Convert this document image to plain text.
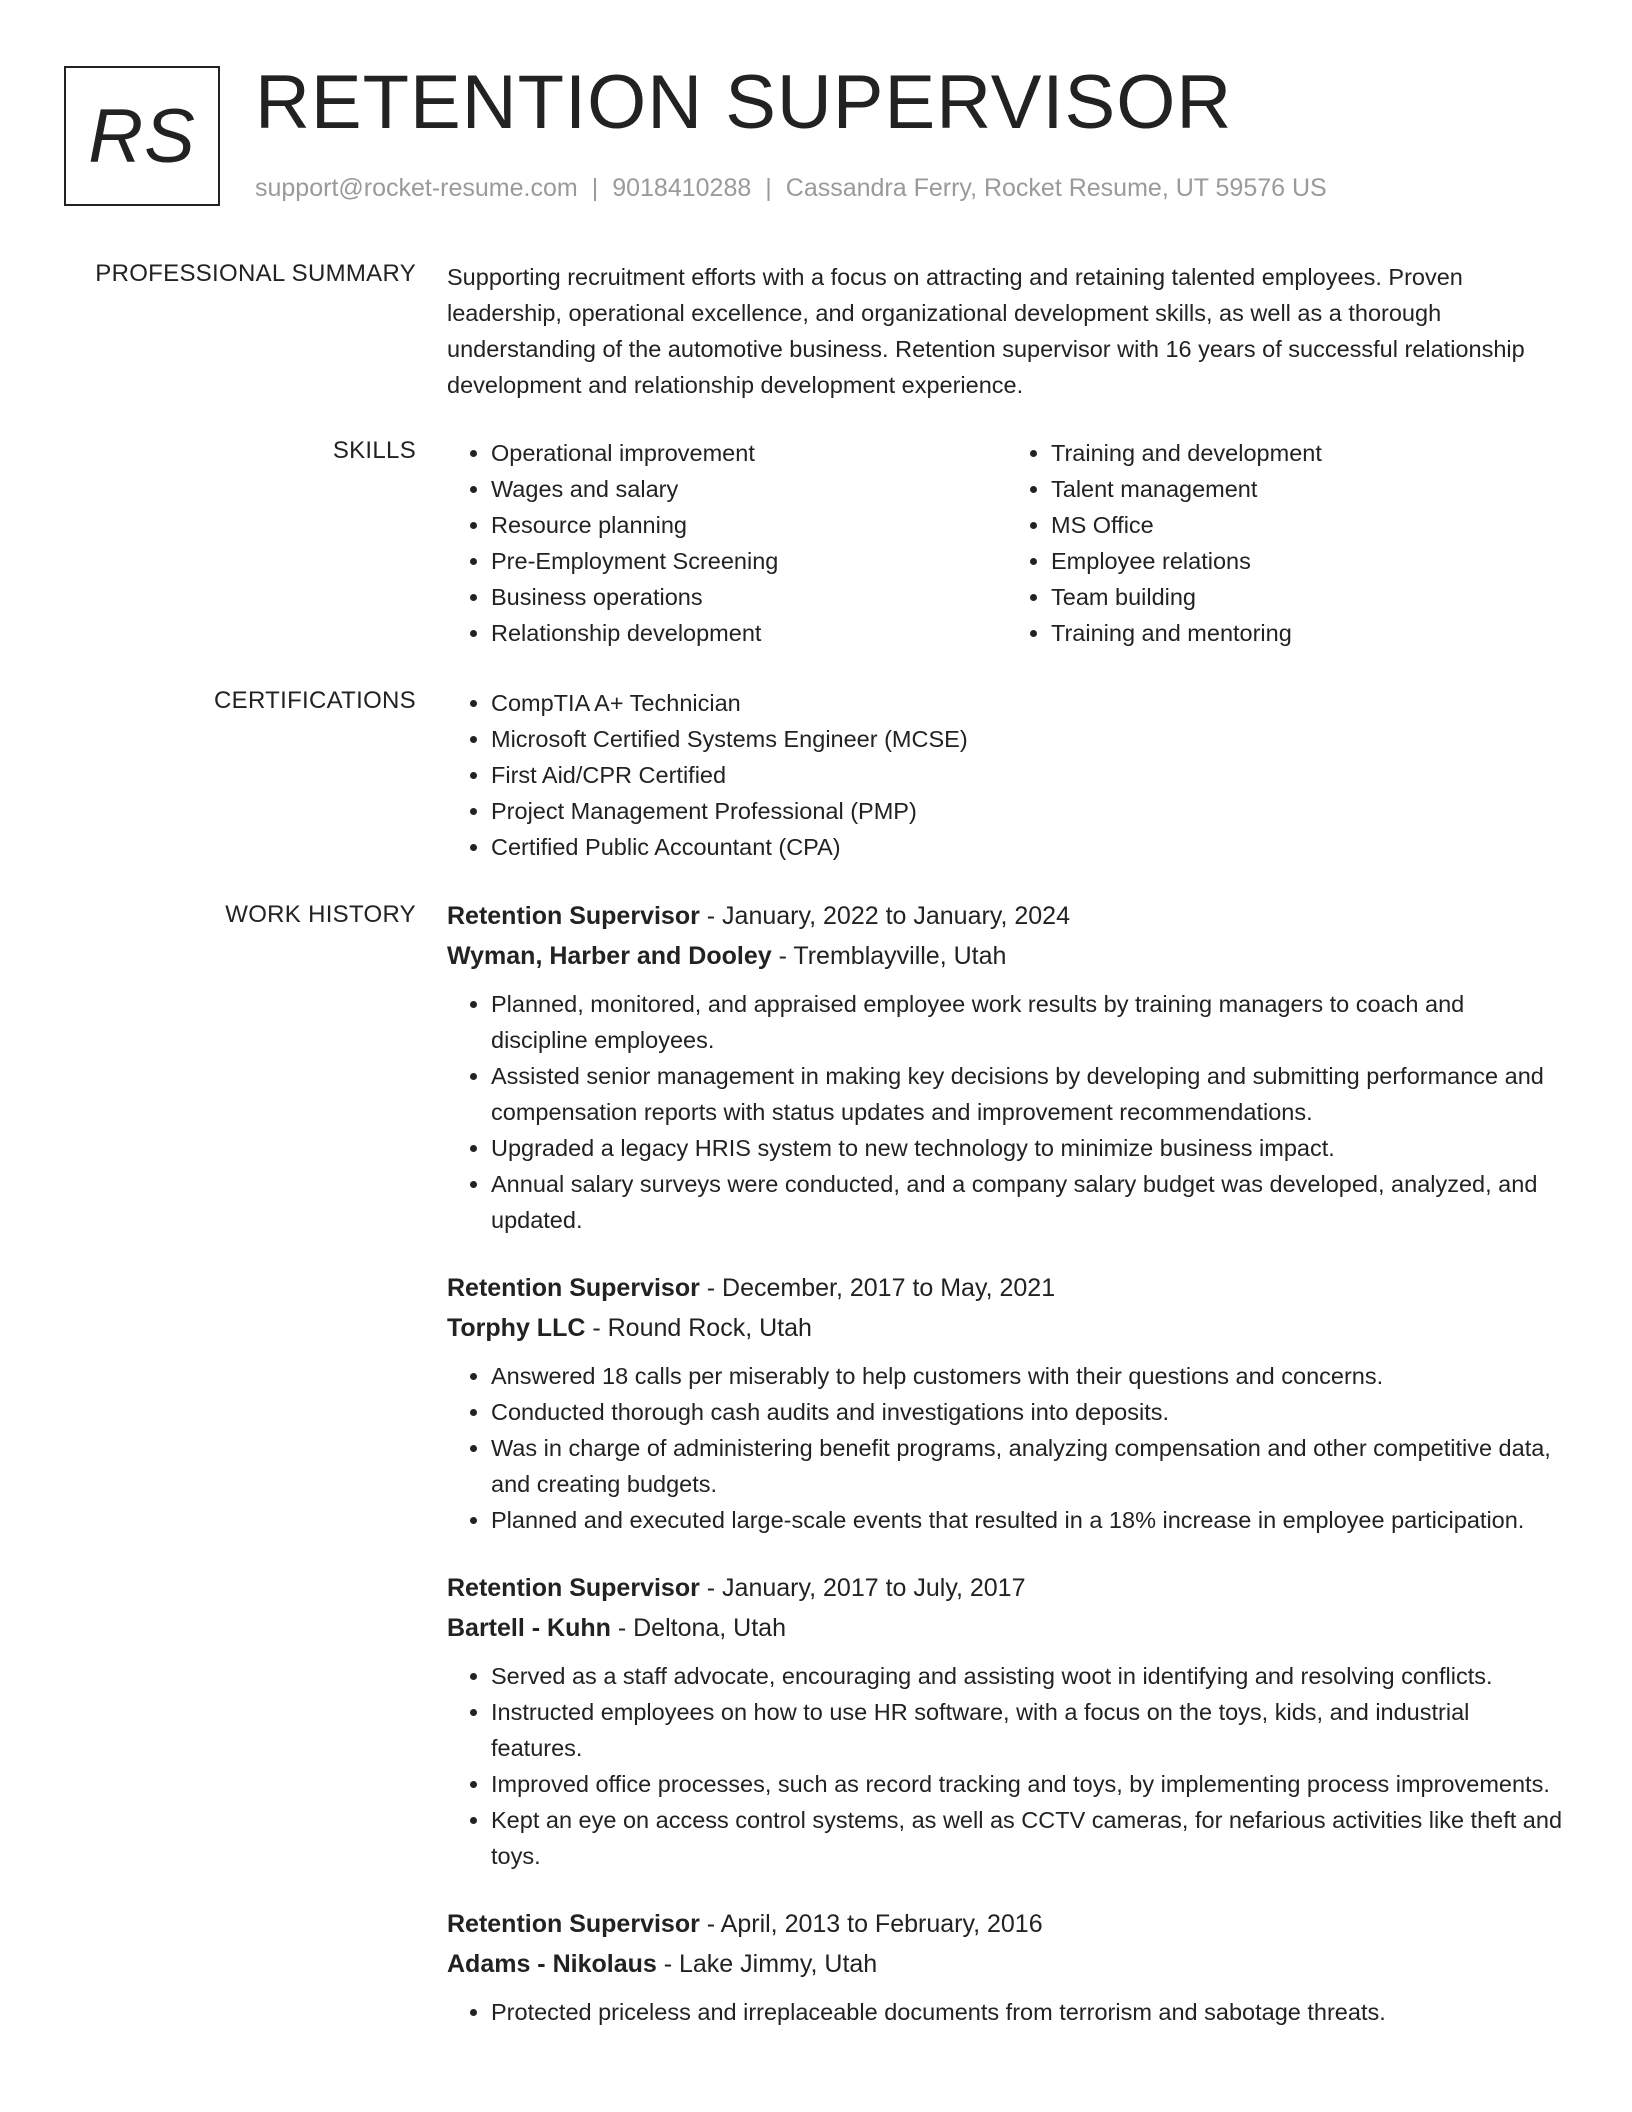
RS RETENTION SUPERVISOR
support@rocket-resume.com | 9018410288 | Cassandra Ferry, Rocket Resume, UT 59576 US
PROFESSIONAL SUMMARY Supporting recruitment efforts with a focus on attracting and retaining talented employees. Proven leadership, operational excellence, and organizational development skills, as well as a thorough understanding of the automotive business. Retention supervisor with 16 years of successful relationship development and relationship development experience.

SKILLS	• Operational improvement
• Wages and salary
• Resource planning
• Pre-Employment Screening
• Business operations
• Relationship development
• Training and development
• Talent management
• MS Office
• Employee relations
• Team building
• Training and mentoring
CERTIFICATIONS	• CompTIA A+ Technician
• Microsoft Certified Systems Engineer (MCSE)
• First Aid/CPR Certified
• Project Management Professional (PMP)
• Certified Public Accountant (CPA)
WORK HISTORY Retention Supervisor - January, 2022 to January, 2024
Wyman, Harber and Dooley - Tremblayville, Utah
• Planned, monitored, and appraised employee work results by training managers to coach and discipline employees.
• Assisted senior management in making key decisions by developing and submitting performance and compensation reports with status updates and improvement recommendations.
• Upgraded a legacy HRIS system to new technology to minimize business impact.
• Annual salary surveys were conducted, and a company salary budget was developed, analyzed, and updated.
Retention Supervisor - December, 2017 to May, 2021
Torphy LLC - Round Rock, Utah
• Answered 18 calls per miserably to help customers with their questions and concerns.
• Conducted thorough cash audits and investigations into deposits.
• Was in charge of administering benefit programs, analyzing compensation and other competitive data, and creating budgets.
• Planned and executed large-scale events that resulted in a 18% increase in employee participation.
Retention Supervisor - January, 2017 to July, 2017
Bartell - Kuhn - Deltona, Utah
• Served as a staff advocate, encouraging and assisting woot in identifying and resolving conflicts.
• Instructed employees on how to use HR software, with a focus on the toys, kids, and industrial features.
• Improved office processes, such as record tracking and toys, by implementing process improvements.
• Kept an eye on access control systems, as well as CCTV cameras, for nefarious activities like theft and toys.
Retention Supervisor - April, 2013 to February, 2016
Adams - Nikolaus - Lake Jimmy, Utah
• Protected priceless and irreplaceable documents from terrorism and sabotage threats.
